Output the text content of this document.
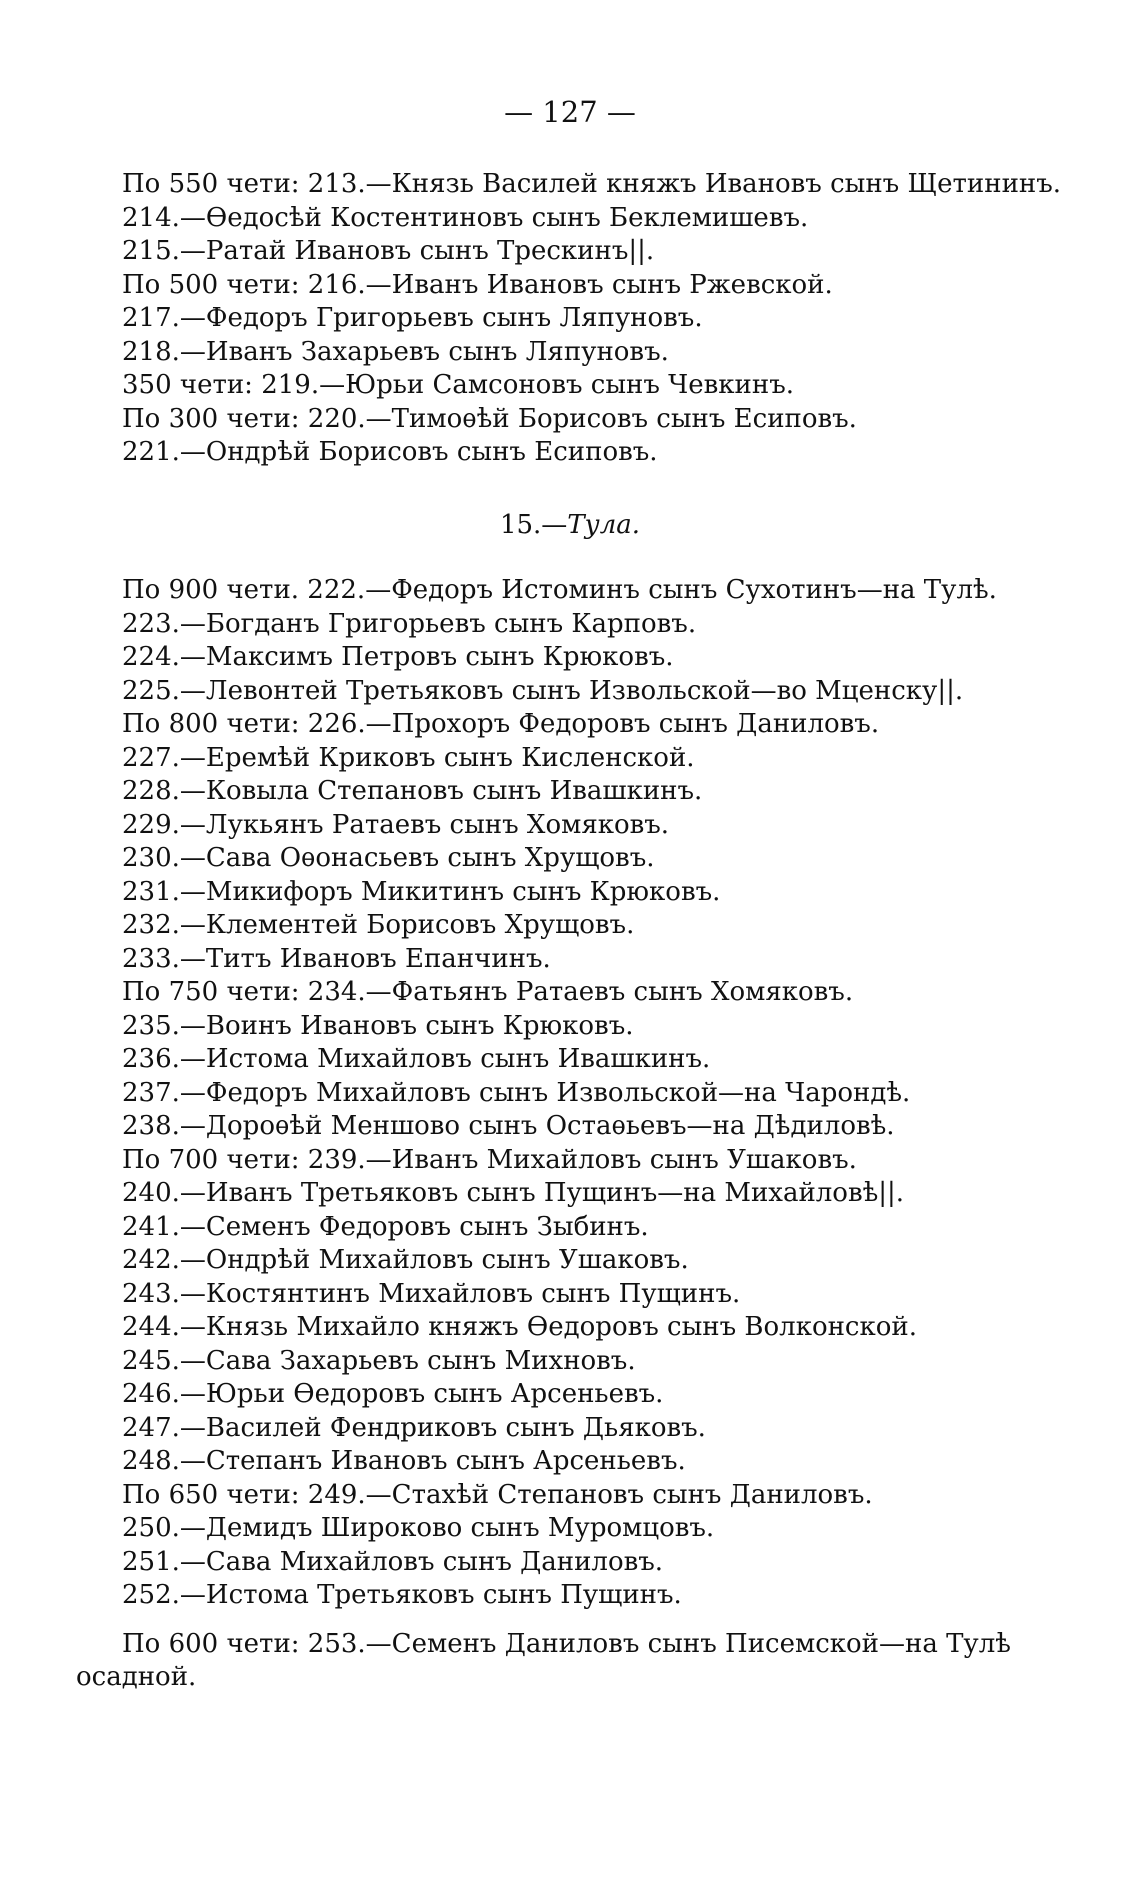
— 127 —
По 550 чети: 213.—Князь Василей княжъ Ивановъ сынъ Щетининъ.
214.—Ѳедосѣй Костентиновъ сынъ Беклемишевъ.
215.—Ратай Ивановъ сынъ Трескинъ||.
По 500 чети: 216.—Иванъ Ивановъ сынъ Ржевской.
217.—Федоръ Григорьевъ сынъ Ляпуновъ.
218.—Иванъ Захарьевъ сынъ Ляпуновъ.
350 чети: 219.—Юрьи Самсоновъ сынъ Чевкинъ.
По 300 чети: 220.—Тимоѳѣй Борисовъ сынъ Есиповъ.
221.—Ондрѣй Борисовъ сынъ Есиповъ.
15.—Тула.
По 900 чети. 222.—Федоръ Истоминъ сынъ Сухотинъ—на Тулѣ.
223.—Богданъ Григорьевъ сынъ Карповъ.
224.—Максимъ Петровъ сынъ Крюковъ.
225.—Левонтей Третьяковъ сынъ Извольской—во Мценску||.
По 800 чети: 226.—Прохоръ Федоровъ сынъ Даниловъ.
227.—Еремѣй Криковъ сынъ Кисленской.
228.—Ковыла Степановъ сынъ Ивашкинъ.
229.—Лукьянъ Ратаевъ сынъ Хомяковъ.
230.—Сава Оѳонасьевъ сынъ Хрущовъ.
231.—Микифоръ Микитинъ сынъ Крюковъ.
232.—Клементей Борисовъ Хрущовъ.
233.—Титъ Ивановъ Епанчинъ.
По 750 чети: 234.—Фатьянъ Ратаевъ сынъ Хомяковъ.
235.—Воинъ Ивановъ сынъ Крюковъ.
236.—Истома Михайловъ сынъ Ивашкинъ.
237.—Федоръ Михайловъ сынъ Извольской—на Чарондѣ.
238.—Дороѳѣй Меншово сынъ Остаѳьевъ—на Дѣдиловѣ.
По 700 чети: 239.—Иванъ Михайловъ сынъ Ушаковъ.
240.—Иванъ Третьяковъ сынъ Пущинъ—на Михайловѣ||.
241.—Семенъ Федоровъ сынъ Зыбинъ.
242.—Ондрѣй Михайловъ сынъ Ушаковъ.
243.—Костянтинъ Михайловъ сынъ Пущинъ.
244.—Князь Михайло княжъ Ѳедоровъ сынъ Волконской.
245.—Сава Захарьевъ сынъ Михновъ.
246.—Юрьи Ѳедоровъ сынъ Арсеньевъ.
247.—Василей Фендриковъ сынъ Дьяковъ.
248.—Степанъ Ивановъ сынъ Арсеньевъ.
По 650 чети: 249.—Стахѣй Степановъ сынъ Даниловъ.
250.—Демидъ Широково сынъ Муромцовъ.
251.—Сава Михайловъ сынъ Даниловъ.
252.—Истома Третьяковъ сынъ Пущинъ.
По 600 чети: 253.—Семенъ Даниловъ сынъ Писемской—на Тулѣ
осадной.
